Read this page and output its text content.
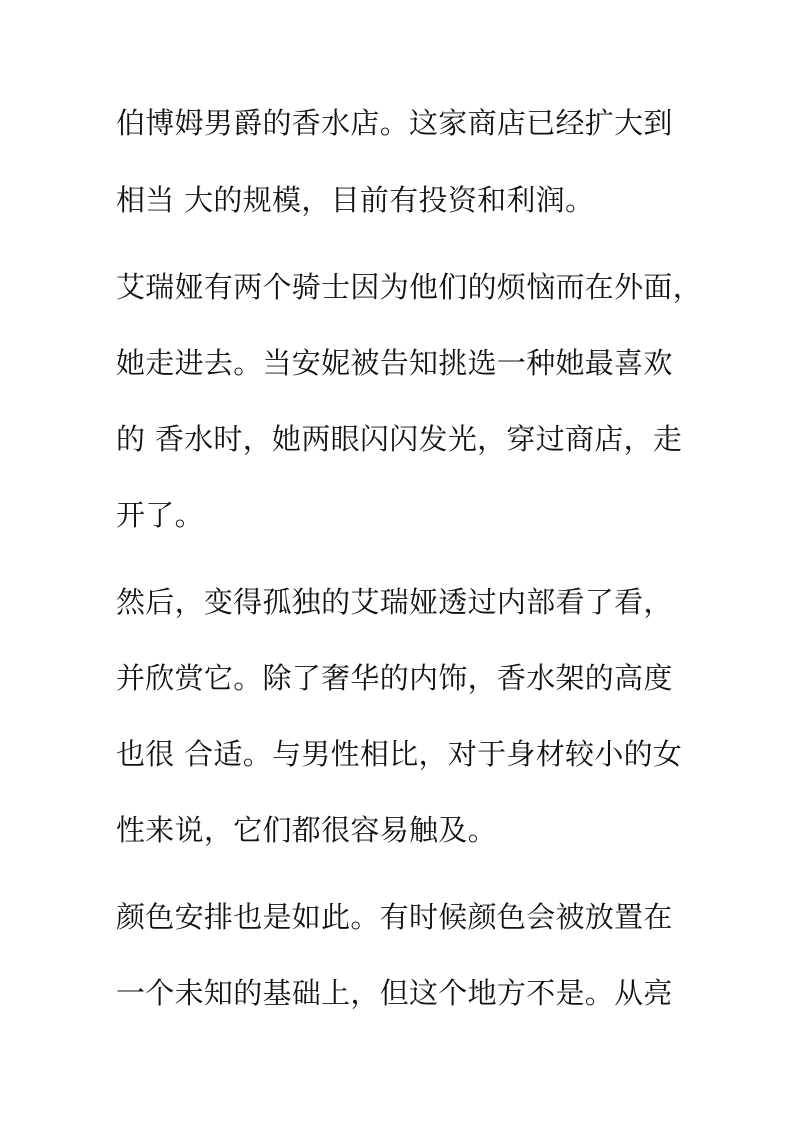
伯博姆男爵的香水店。这家商店已经扩大到
相当 大的规模，目前有投资和利润。
艾瑞娅有两个骑士因为他们的烦恼而在外面，
她走进去。当安妮被告知挑选一种她最喜欢
的 香水时，她两眼闪闪发光，穿过商店，走
开了。
然后，变得孤独的艾瑞娅透过内部看了看，
并欣赏它。除了奢华的内饰，香水架的高度
也很 合适。与男性相比，对于身材较小的女
性来说，它们都很容易触及。
颜色安排也是如此。有时候颜色会被放置在
一个未知的基础上，但这个地方不是。从亮
